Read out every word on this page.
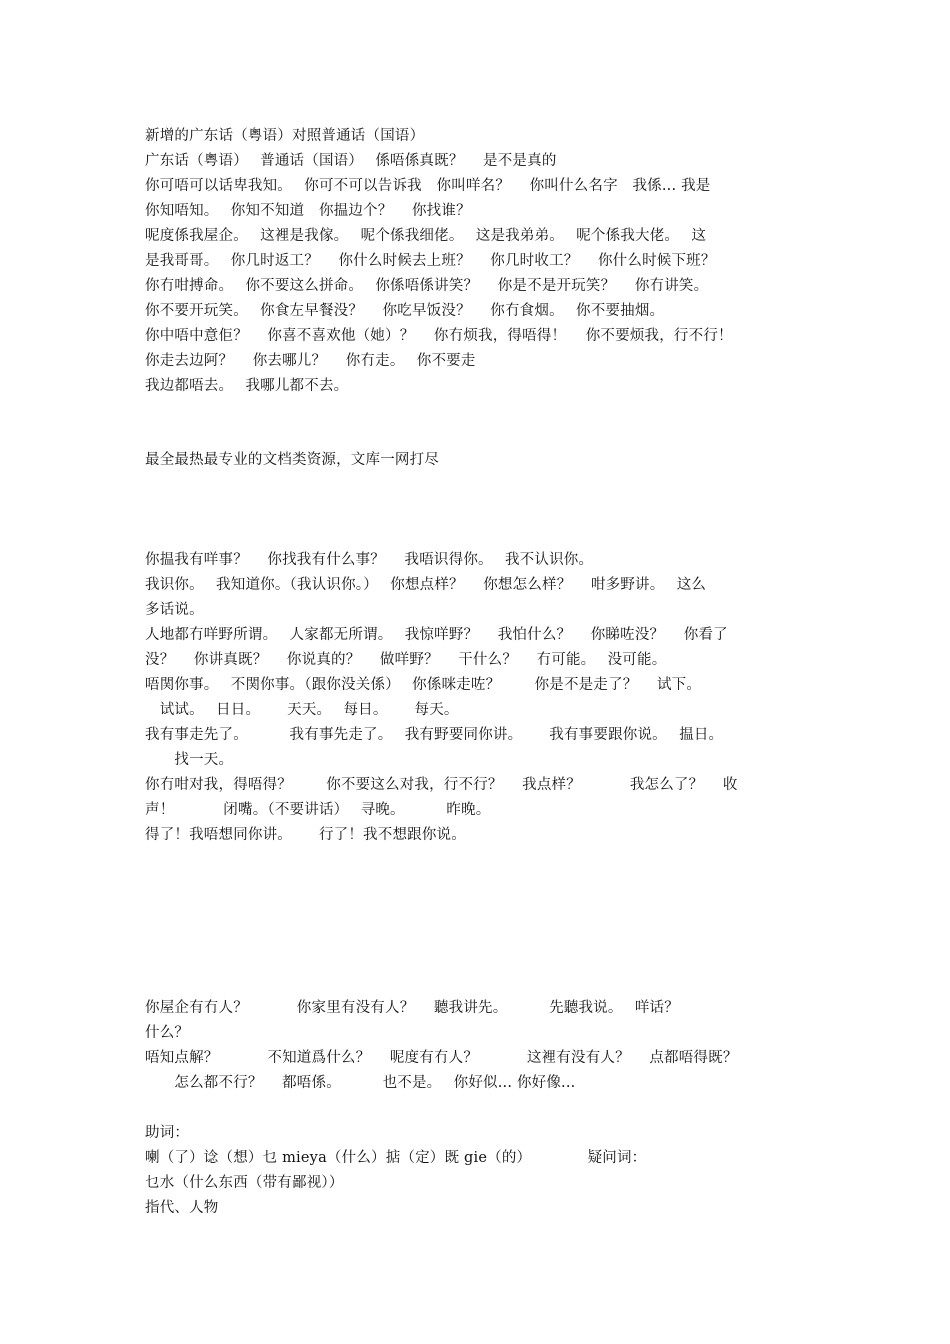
新增的广东话（粤语）对照普通话（国语）
广东话（粤语）　 普通话（国语）　 係唔係真既？　 是不是真的
你可唔可以话卑我知。　 你可不可以告诉我　你叫咩名？　 你叫什么名字　我係... 我是
你知唔知。　 你知不知道　你揾边个？　 你找谁？
呢度係我屋企。　 这裡是我傢。　 呢个係我细佬。　 这是我弟弟。　 呢个係我大佬。　 这
是我哥哥。　 你几时返工？　 你什么时候去上班？　 你几时收工？　 你什么时候下班？
你冇咁搏命。　 你不要这么拼命。　 你係唔係讲笑？　 你是不是开玩笑？　 你冇讲笑。
你不要开玩笑。　 你食左早餐没？　 你吃早饭没？　 你冇食烟。　 你不要抽烟。
你中唔中意佢？　 你喜不喜欢他（她）？　 你冇烦我，得唔得！　 你不要烦我，行不行！
你走去边阿？　 你去哪儿？　 你冇走。　 你不要走
我边都唔去。　 我哪儿都不去。
最全最热最专业的文档类资源，文库一网打尽
你揾我有咩事？　 你找我有什么事？　 我唔识得你。　 我不认识你。
我识你。　 我知道你。（我认识你。）　 你想点样？　 你想怎么样？　 咁多野讲。　 这么
多话说。
人地都冇咩野所谓。　 人家都无所谓。　 我惊咩野？　 我怕什么？　 你睇咗没？　 你看了
没？　 你讲真既？　 你说真的？　 做咩野？　 干什么？　 冇可能。　 没可能。
唔関你事。　 不関你事。（跟你没关係）　 你係咪走咗？　　 你是不是走了？　 试下。
　试试。　 日日。　　 天天。　 每日。　　 每天。
我有事走先了。　　　 我有事先走了。　 我有野要同你讲。　　 我有事要跟你说。　 揾日。
　　找一天。
你冇咁对我，得唔得？　　 你不要这么对我，行不行？　 我点样？　　　 我怎么了？　 收
声！　　　 闭嘴。（不要讲话）　 寻晚。　　　 昨晚。
得了！我唔想同你讲。　　 行了！我不想跟你说。
你屋企有冇人？　　　 你家里有没有人？　 聽我讲先。　　　 先聽我说。　 咩话？
什么？
唔知点解？　　　 不知道爲什么？　 呢度有冇人？　　　 这裡有没有人？　 点都唔得既？
　　怎么都不行？　 都唔係。　　　 也不是。　 你好似... 你好像...
助词：
喇（了）谂（想）乜 mieya（什么）掂（定）既 gie（的）　　　　 疑问词：
乜水（什么东西（带有鄙视））
指代、人物
